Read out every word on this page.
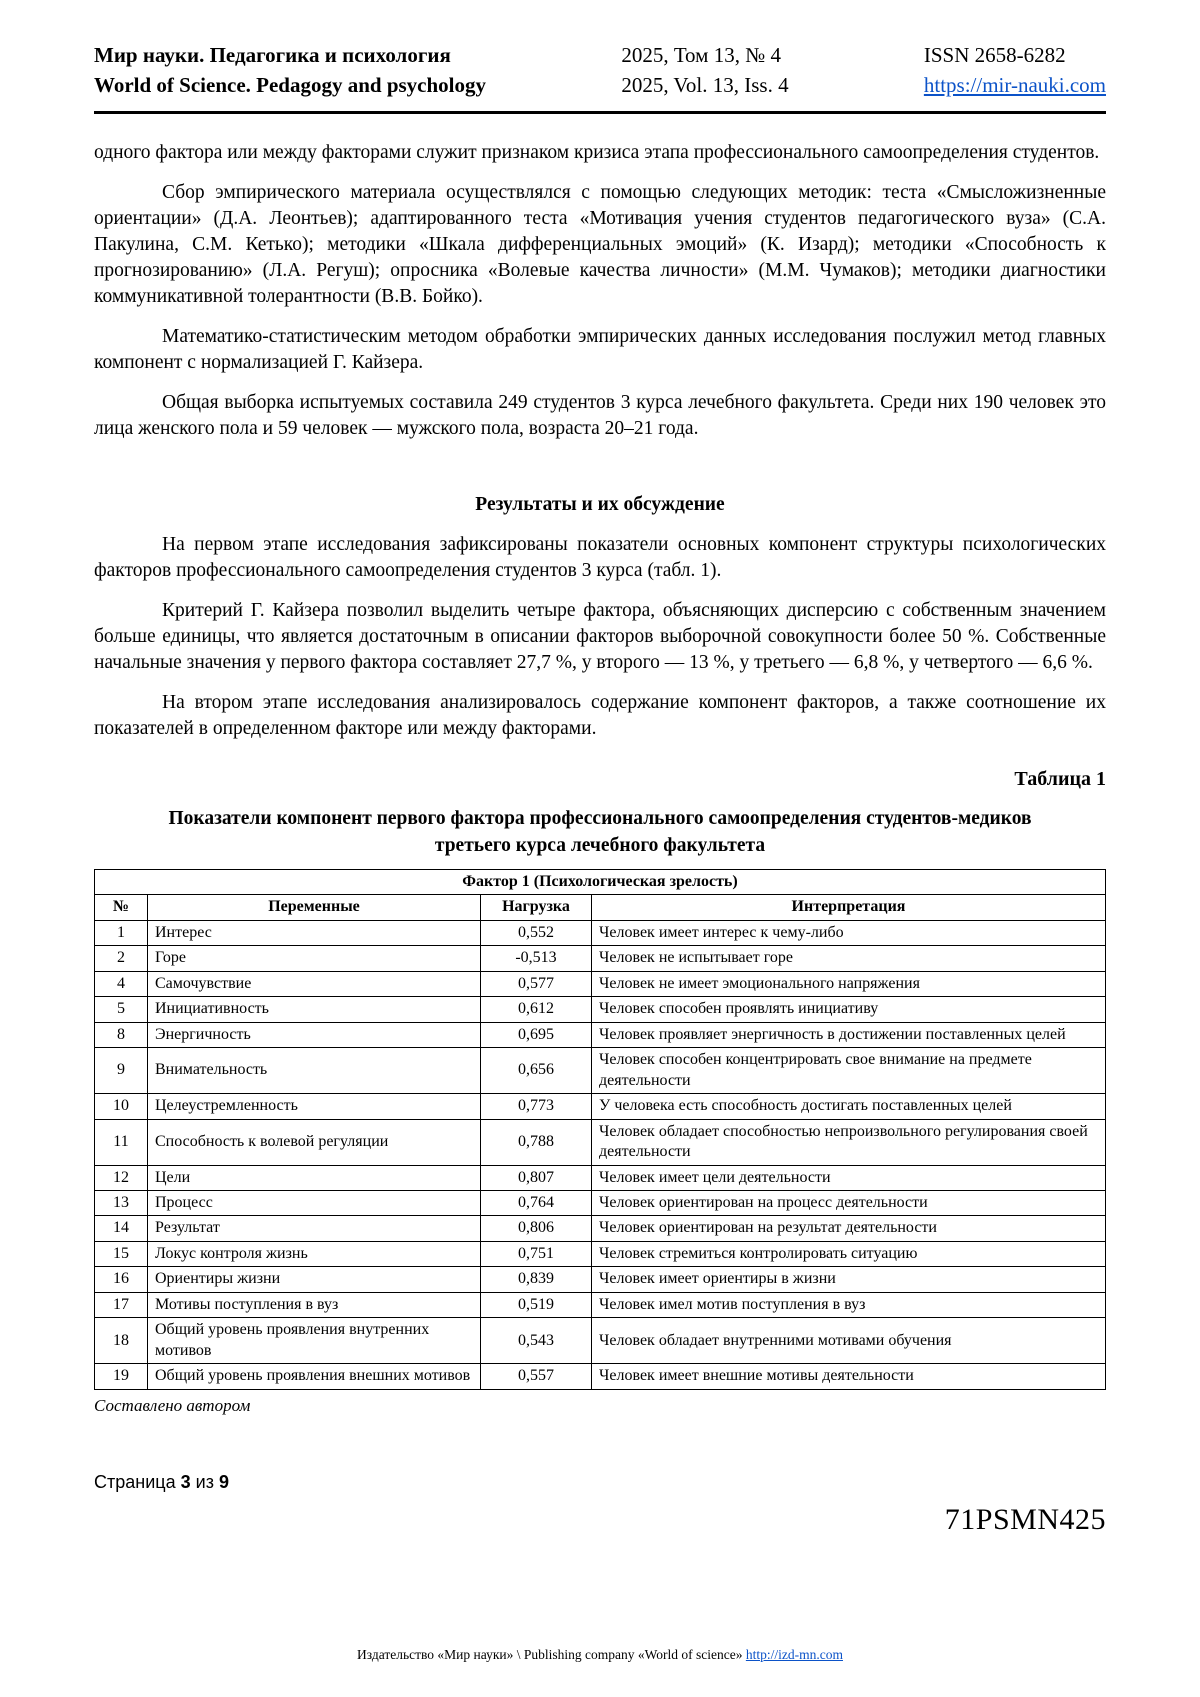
Мир науки. Педагогика и психология
World of Science. Pedagogy and psychology
2025, Том 13, № 4
2025, Vol. 13, Iss. 4
ISSN 2658-6282
https://mir-nauki.com

одного фактора или между факторами служит признаком кризиса этапа профессионального самоопределения студентов.

Сбор эмпирического материала осуществлялся с помощью следующих методик: теста «Смысложизненные ориентации» (Д.А. Леонтьев); адаптированного теста «Мотивация учения студентов педагогического вуза» (С.А. Пакулина, С.М. Кетько); методики «Шкала дифференциальных эмоций» (К. Изард); методики «Способность к прогнозированию» (Л.А. Регуш); опросника «Волевые качества личности» (М.М. Чумаков); методики диагностики коммуникативной толерантности (В.В. Бойко).

Математико-статистическим методом обработки эмпирических данных исследования послужил метод главных компонент с нормализацией Г. Кайзера.

Общая выборка испытуемых составила 249 студентов 3 курса лечебного факультета. Среди них 190 человек это лица женского пола и 59 человек — мужского пола, возраста 20–21 года.

Результаты и их обсуждение

На первом этапе исследования зафиксированы показатели основных компонент структуры психологических факторов профессионального самоопределения студентов 3 курса (табл. 1).

Критерий Г. Кайзера позволил выделить четыре фактора, объясняющих дисперсию с собственным значением больше единицы, что является достаточным в описании факторов выборочной совокупности более 50 %. Собственные начальные значения у первого фактора составляет 27,7 %, у второго — 13 %, у третьего — 6,8 %, у четвертого — 6,6 %.

На втором этапе исследования анализировалось содержание компонент факторов, а также соотношение их показателей в определенном факторе или между факторами.

Таблица 1
Показатели компонент первого фактора профессионального самоопределения студентов-медиков третьего курса лечебного факультета
Фактор 1 (Психологическая зрелость)			
№	Переменные	Нагрузка	Интерпретация
1	Интерес	0,552	Человек имеет интерес к чему-либо
2	Горе	-0,513	Человек не испытывает горе
4	Самочувствие	0,577	Человек не имеет эмоционального напряжения
5	Инициативность	0,612	Человек способен проявлять инициативу
8	Энергичность	0,695	Человек проявляет энергичность в достижении поставленных целей
9	Внимательность	0,656	Человек способен концентрировать свое внимание на предмете деятельности
10	Целеустремленность	0,773	У человека есть способность достигать поставленных целей
11	Способность к волевой регуляции	0,788	Человек обладает способностью непроизвольного регулирования своей деятельности
12	Цели	0,807	Человек имеет цели деятельности
13	Процесс	0,764	Человек ориентирован на процесс деятельности
14	Результат	0,806	Человек ориентирован на результат деятельности
15	Локус контроля жизнь	0,751	Человек стремиться контролировать ситуацию
16	Ориентиры жизни	0,839	Человек имеет ориентиры в жизни
17	Мотивы поступления в вуз	0,519	Человек имел мотив поступления в вуз
18	Общий уровень проявления внутренних мотивов	0,543	Человек обладает внутренними мотивами обучения
19	Общий уровень проявления внешних мотивов	0,557	Человек имеет внешние мотивы деятельности
Составлено автором
Страница 3 из 9
71PSMN425
Издательство «Мир науки» \ Publishing company «World of science» http://izd-mn.com
